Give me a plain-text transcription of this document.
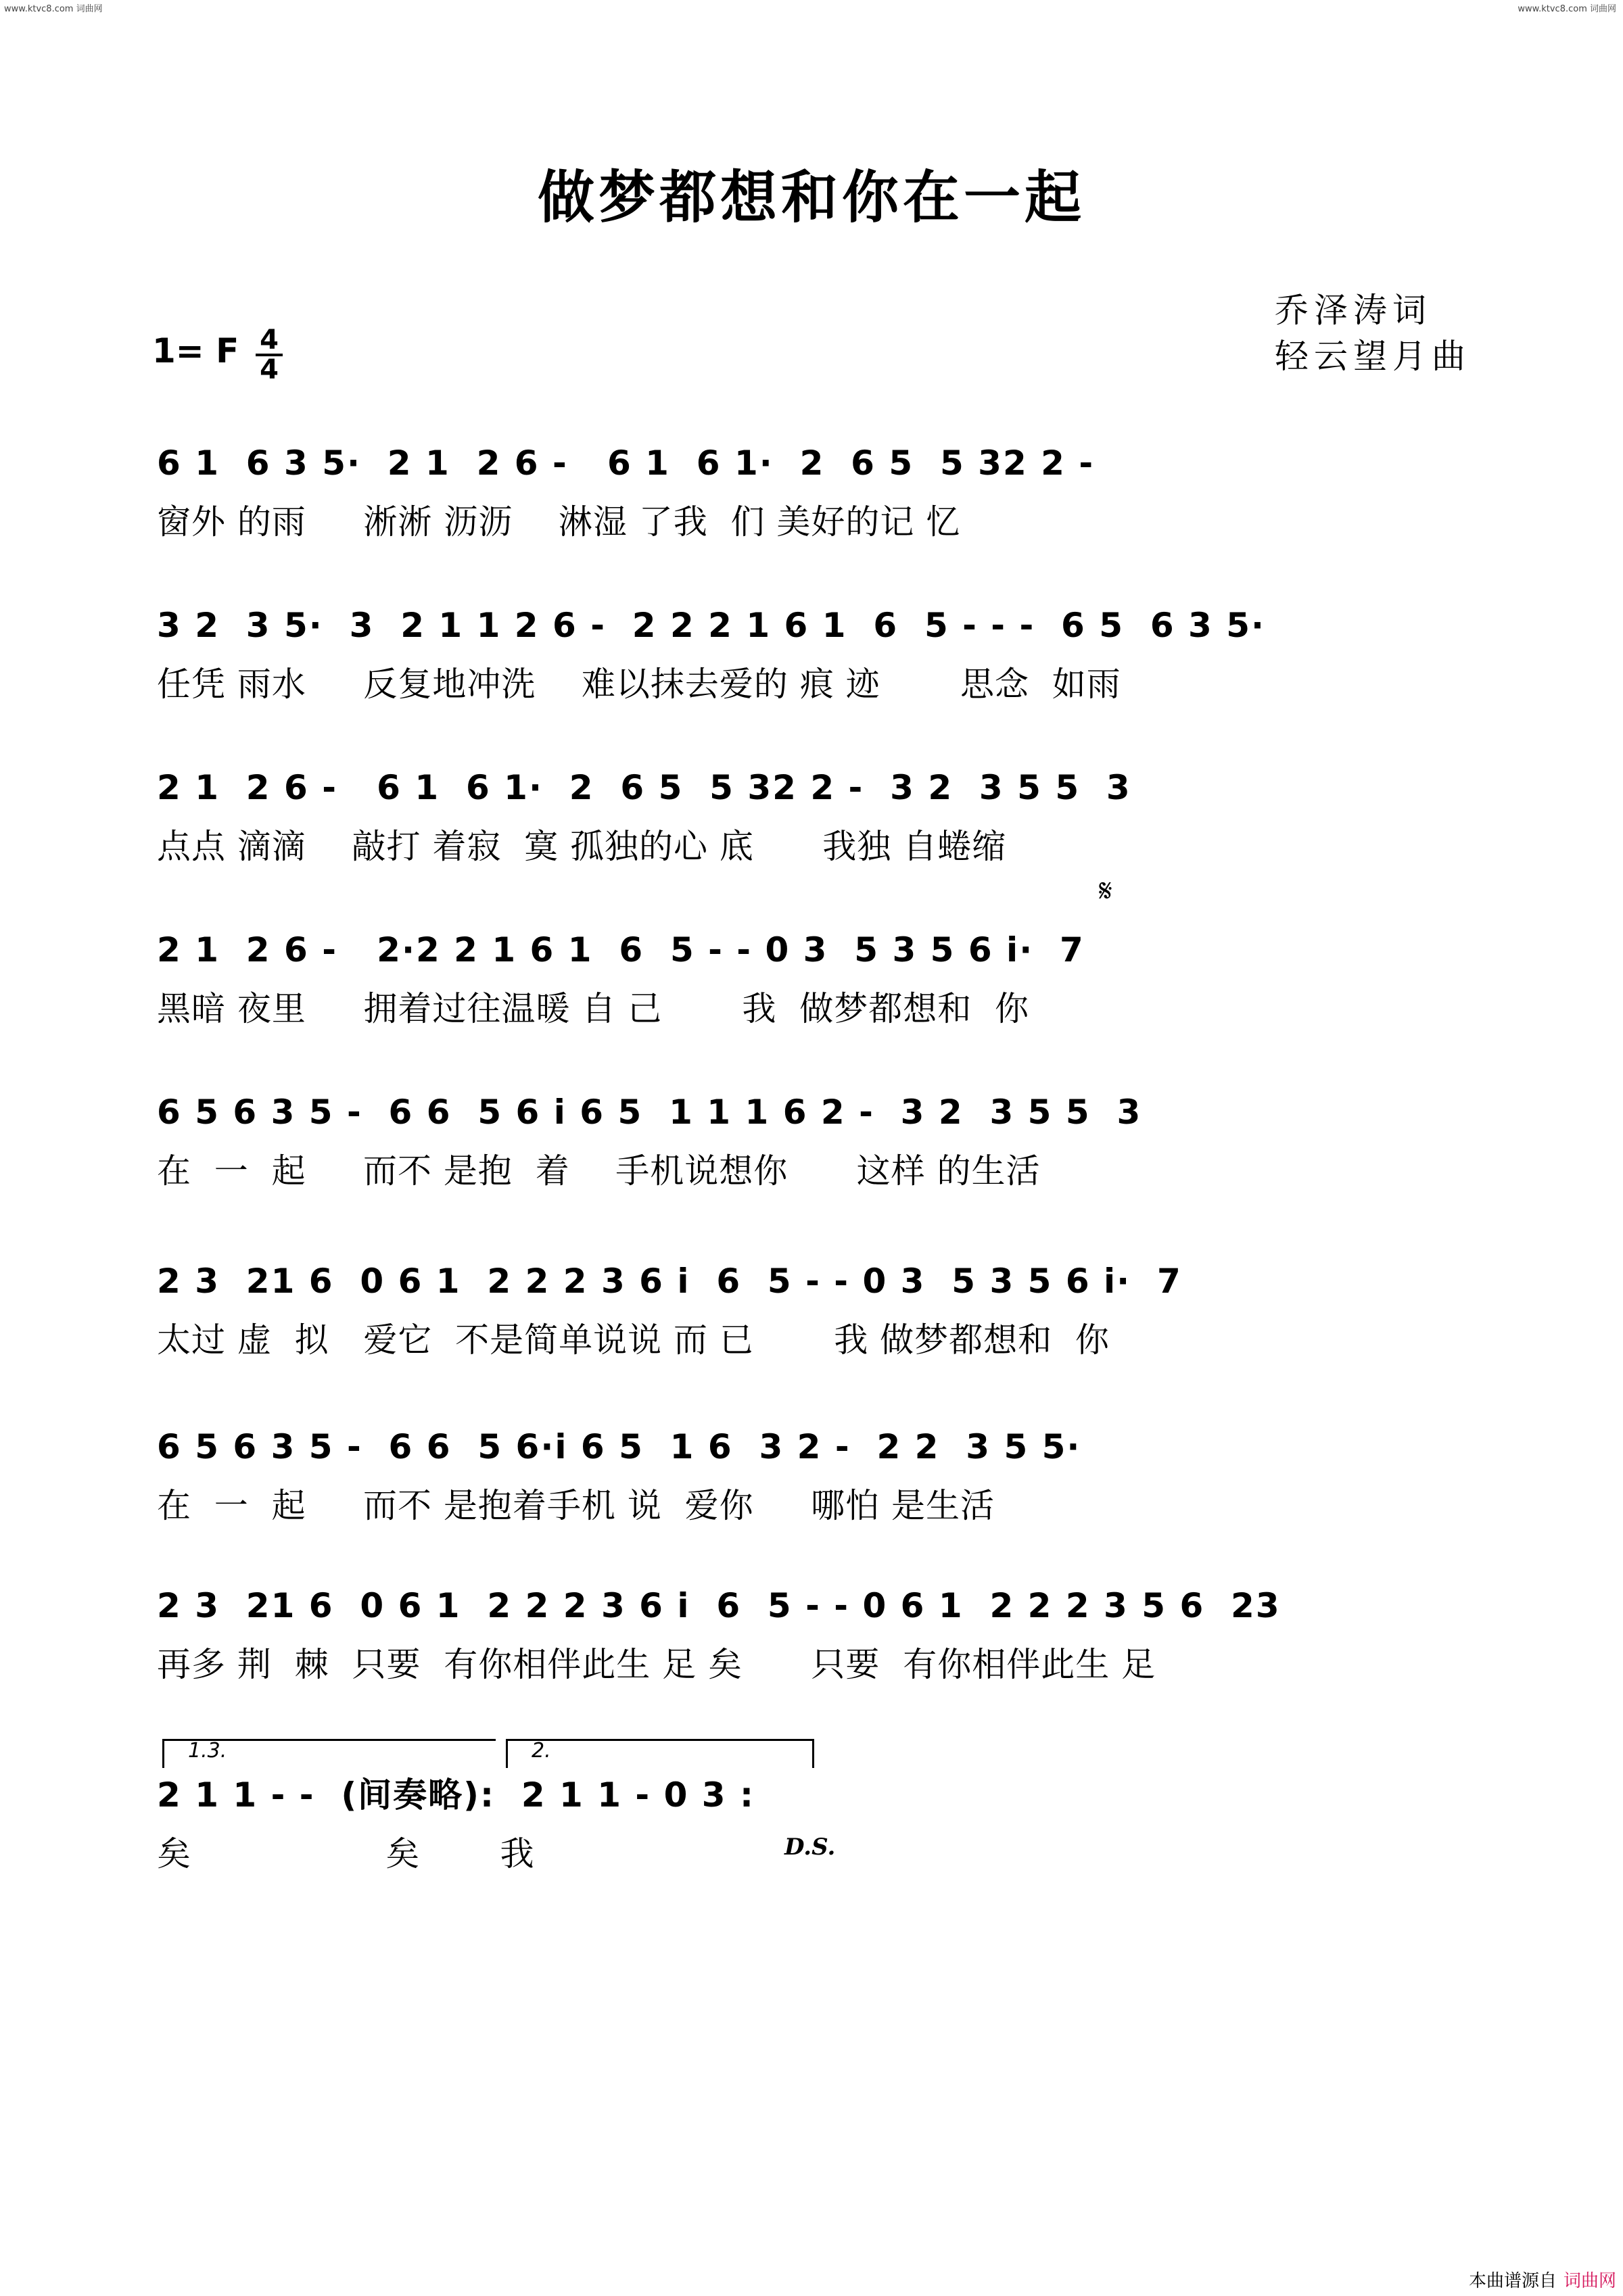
www.ktvc8.com 词曲网	www.ktvc8.com 词曲网
做梦都想和你在一起
乔泽涛词
轻云望月曲
1= F 4
4
6 1  6 3 5·  2 1  2 6 -   6 1  6 1·  2  6 5  5 32 2 -
窗外 的雨     淅淅 沥沥    淋湿 了我  们 美好的记 忆
3 2  3 5·  3  2 1 1 2 6 -  2 2 2 1 6 1  6  5 - - -  6 5  6 3 5·
任凭 雨水     反复地冲洗    难以抹去爱的 痕 迹       思念  如雨
2 1  2 6 -   6 1  6 1·  2  6 5  5 32 2 -  3 2  3 5 5  3
点点 滴滴    敲打 着寂  寞 孤独的心 底      我独 自蜷缩
𝄋
2 1  2 6 -   2·2 2 1 6 1  6  5 - - 0 3  5 3 5 6 i·  7
黑暗 夜里     拥着过往温暖 自 己       我  做梦都想和  你
6 5 6 3 5 -  6 6  5 6 i 6 5  1 1 1 6 2 -  3 2  3 5 5  3
在  一  起     而不 是抱  着    手机说想你      这样 的生活
2 3  21 6  0 6 1  2 2 2 3 6 i  6  5 - - 0 3  5 3 5 6 i·  7
太过 虚  拟   爱它  不是简单说说 而 已       我 做梦都想和  你
6 5 6 3 5 -  6 6  5 6·i 6 5  1 6  3 2 -  2 2  3 5 5·
在  一  起     而不 是抱着手机 说  爱你     哪怕 是生活
2 3  21 6  0 6 1  2 2 2 3 6 i  6  5 - - 0 6 1  2 2 2 3 5 6  23
再多 荆  棘  只要  有你相伴此生 足 矣      只要  有你相伴此生 足
1.3.	2.
2 1 1 - -  (间奏略):  2 1 1 - 0 3 :
矣                 矣       我	D.S.
本曲谱源自 词曲网
